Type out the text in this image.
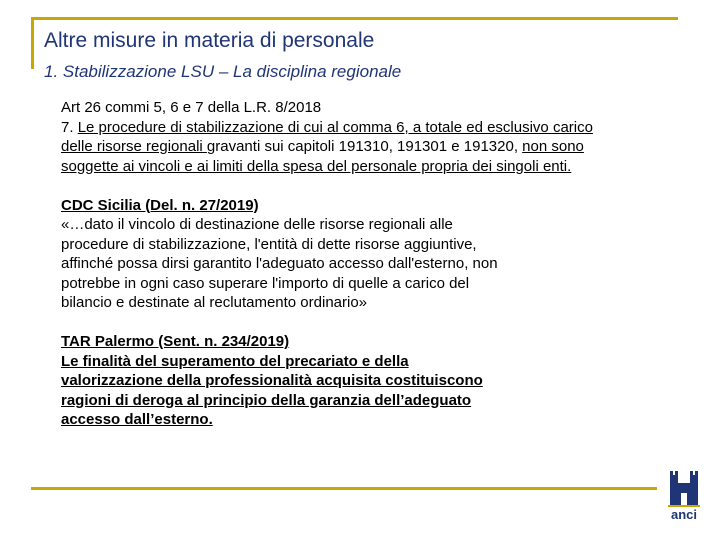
Altre misure in materia di personale
1. Stabilizzazione LSU – La disciplina regionale
Art 26 commi 5, 6 e 7 della L.R. 8/2018
7. Le procedure di stabilizzazione di cui al comma 6, a totale ed esclusivo carico delle risorse regionali gravanti sui capitoli 191310, 191301 e 191320, non sono soggette ai vincoli e ai limiti della spesa del personale propria dei singoli enti.
CDC Sicilia (Del. n. 27/2019)
«…dato il vincolo di destinazione delle risorse regionali alle
procedure di stabilizzazione, l'entità di dette risorse aggiuntive,
affinché possa dirsi garantito l'adeguato accesso dall'esterno, non
potrebbe in ogni caso superare l'importo di quelle a carico del
bilancio e destinate al reclutamento ordinario»
TAR Palermo (Sent. n. 234/2019)
Le finalità del superamento del precariato e della
valorizzazione della professionalità acquisita costituiscono
ragioni di deroga al principio della garanzia dell’adeguato
accesso dall’esterno.
anci
